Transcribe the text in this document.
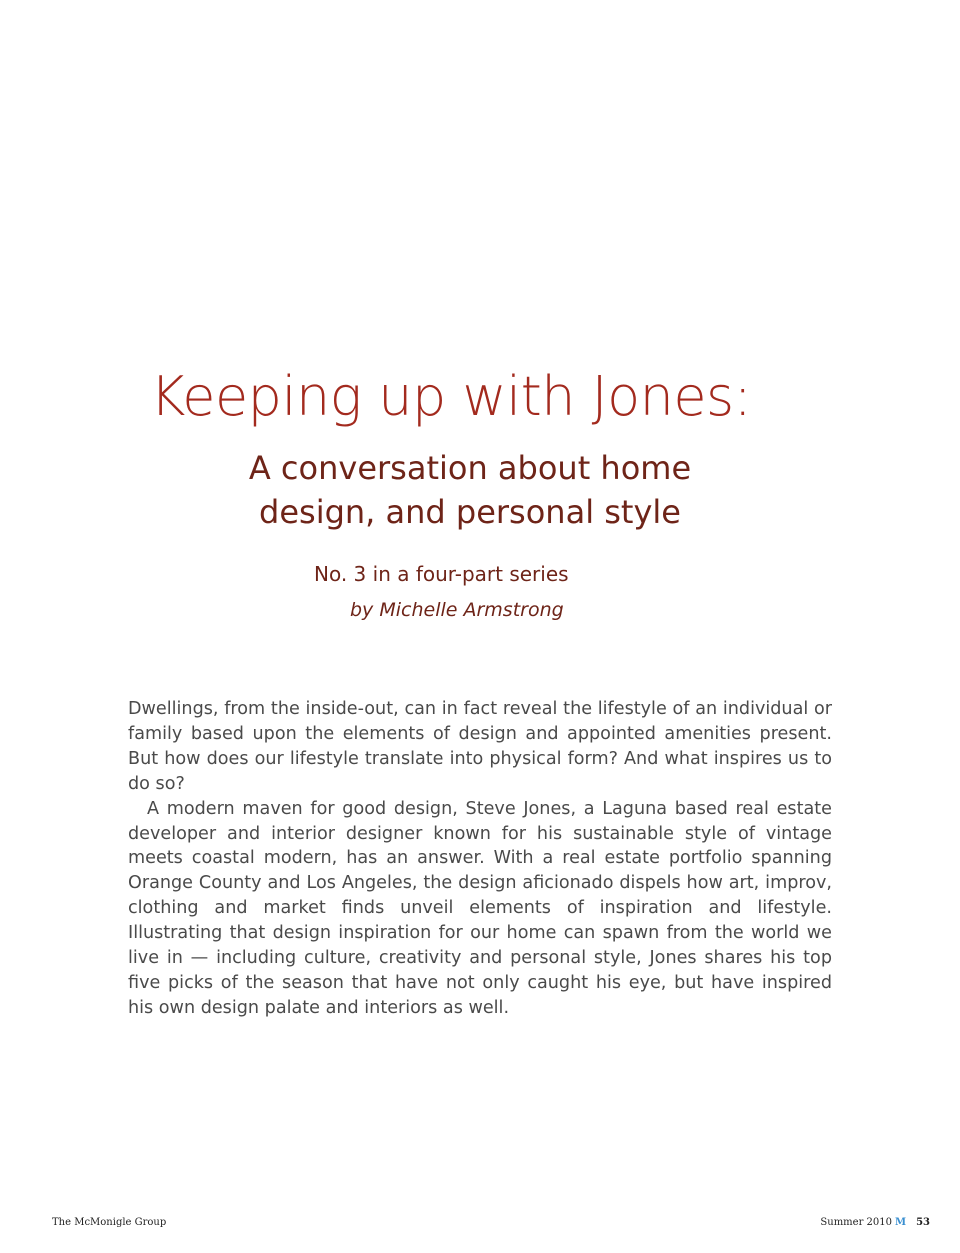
Keeping up with Jones:
A conversation about home
design, and personal style
No. 3 in a four-part series
by Michelle Armstrong

Dwellings, from the inside-out, can in fact reveal the lifestyle of an individual or family based upon the elements of design and appointed amenities present. But how does our lifestyle translate into physical form? And what inspires us to do so?

A modern maven for good design, Steve Jones, a Laguna based real estate developer and interior designer known for his sustainable style of vintage meets coastal modern, has an answer. With a real estate portfolio spanning Orange County and Los Angeles, the design aficionado dispels how art, improv, clothing and market finds unveil elements of inspiration and lifestyle. Illustrating that design inspiration for our home can spawn from the world we live in — including culture, creativity and personal style, Jones shares his top five picks of the season that have not only caught his eye, but have inspired his own design palate and interiors as well.

The McMonigle Group	Summer 2010 M 53
